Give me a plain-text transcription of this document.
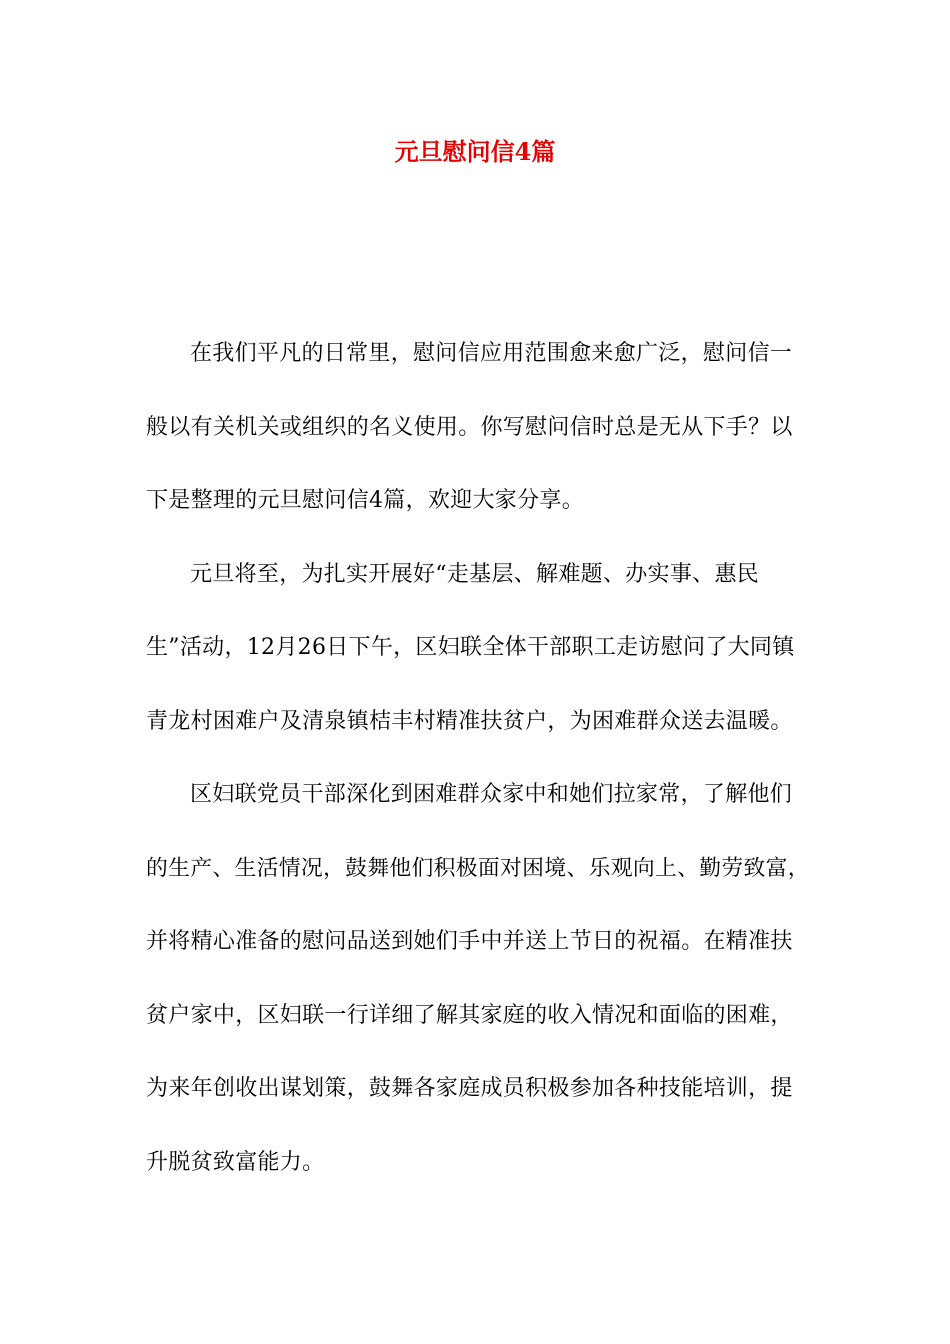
元旦慰问信4篇
在我们平凡的日常里，慰问信应用范围愈来愈广泛，慰问信一
般以有关机关或组织的名义使用。你写慰问信时总是无从下手？以
下是整理的元旦慰问信4篇，欢迎大家分享。
元旦将至，为扎实开展好“走基层、解难题、办实事、惠民
生”活动，12月26日下午，区妇联全体干部职工走访慰问了大同镇
青龙村困难户及清泉镇桔丰村精准扶贫户，为困难群众送去温暖。
区妇联党员干部深化到困难群众家中和她们拉家常，了解他们
的生产、生活情况，鼓舞他们积极面对困境、乐观向上、勤劳致富，
并将精心准备的慰问品送到她们手中并送上节日的祝福。在精准扶
贫户家中，区妇联一行详细了解其家庭的收入情况和面临的困难，
为来年创收出谋划策，鼓舞各家庭成员积极参加各种技能培训，提
升脱贫致富能力。
